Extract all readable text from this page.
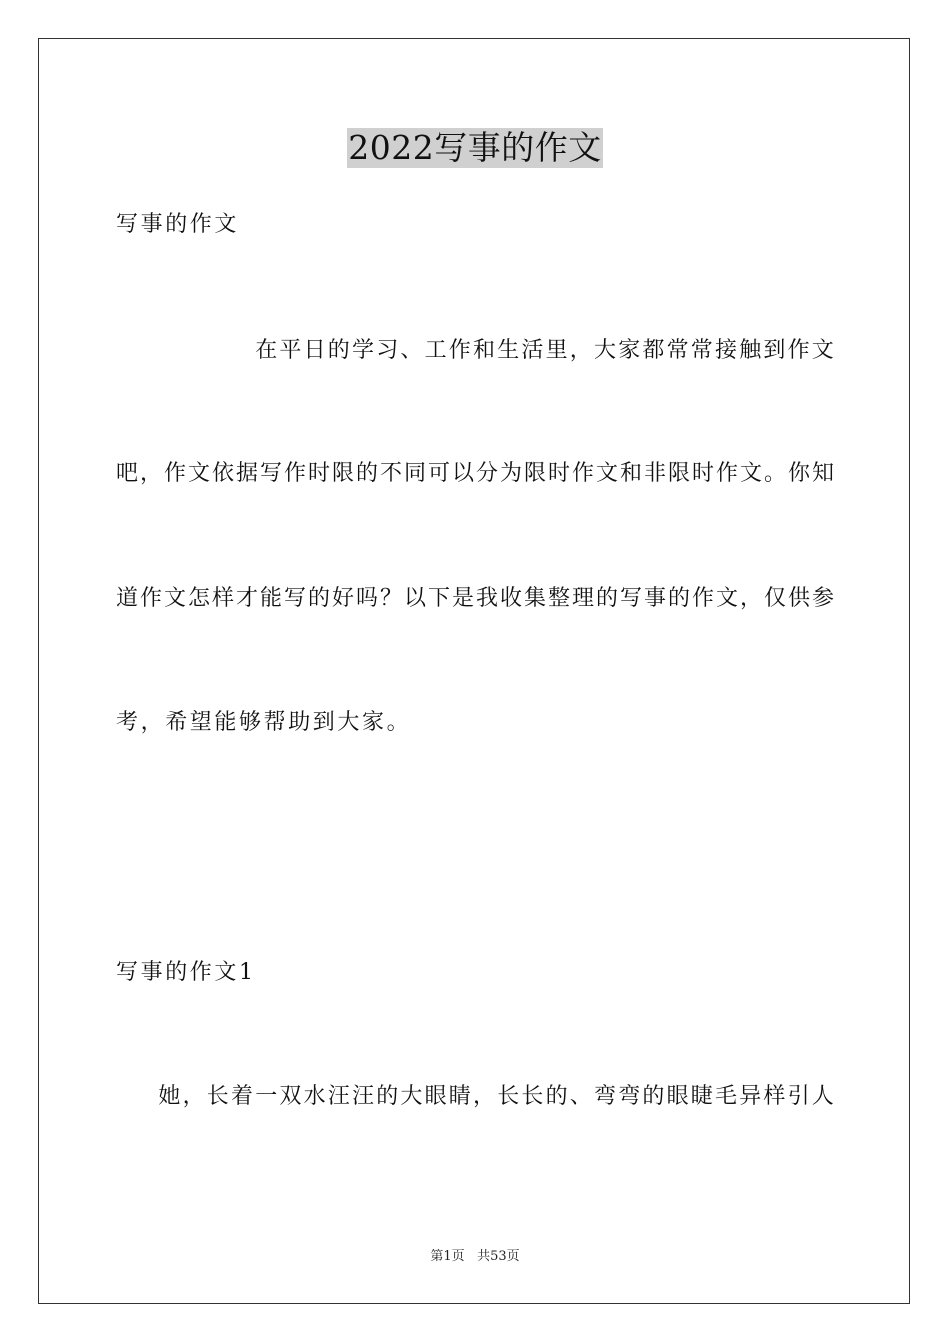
2022写事的作文
写事的作文
在平日的学习、工作和生活里，大家都常常接触到作文
吧，作文依据写作时限的不同可以分为限时作文和非限时作文。你知
道作文怎样才能写的好吗？以下是我收集整理的写事的作文，仅供参
考，希望能够帮助到大家。
写事的作文1
她，长着一双水汪汪的大眼睛，长长的、弯弯的眼睫毛异样引人
第1页 共53页
